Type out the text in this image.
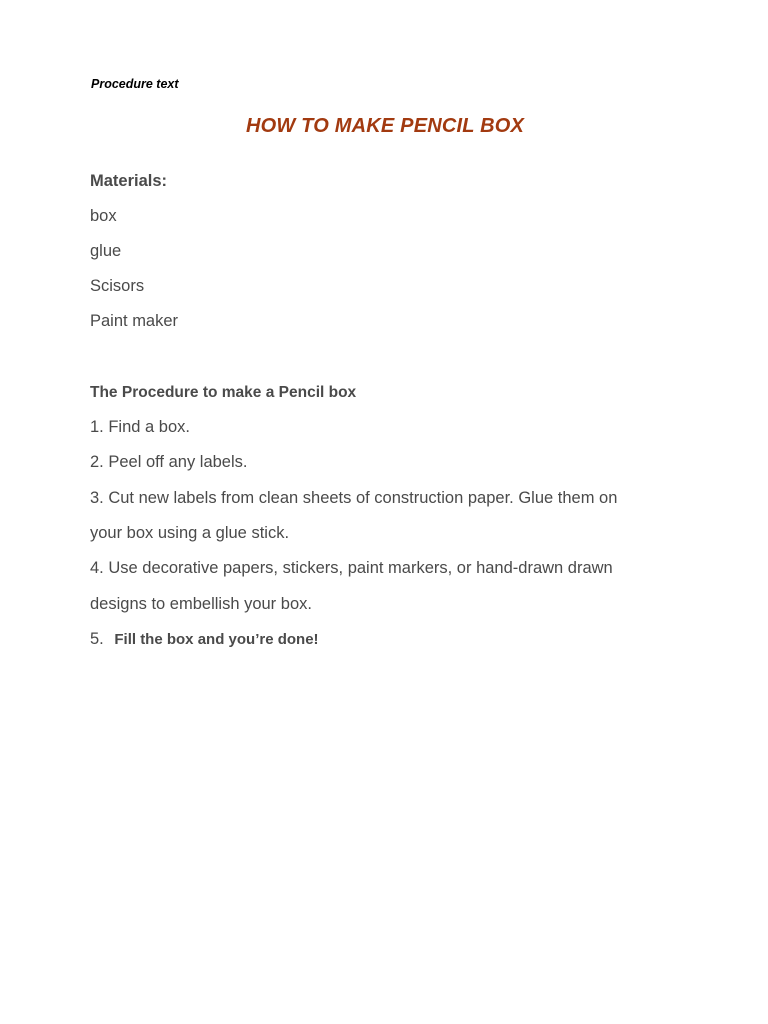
Procedure text
HOW TO MAKE PENCIL BOX
Materials:
box
glue
Scisors
Paint maker
The Procedure to make a Pencil box
1. Find a box.
2. Peel off any labels.
3. Cut new labels from clean sheets of construction paper. Glue them on
your box using a glue stick.
4. Use decorative papers, stickers, paint markers, or hand-drawn drawn
designs to embellish your box.
5. Fill the box and you’re done!
